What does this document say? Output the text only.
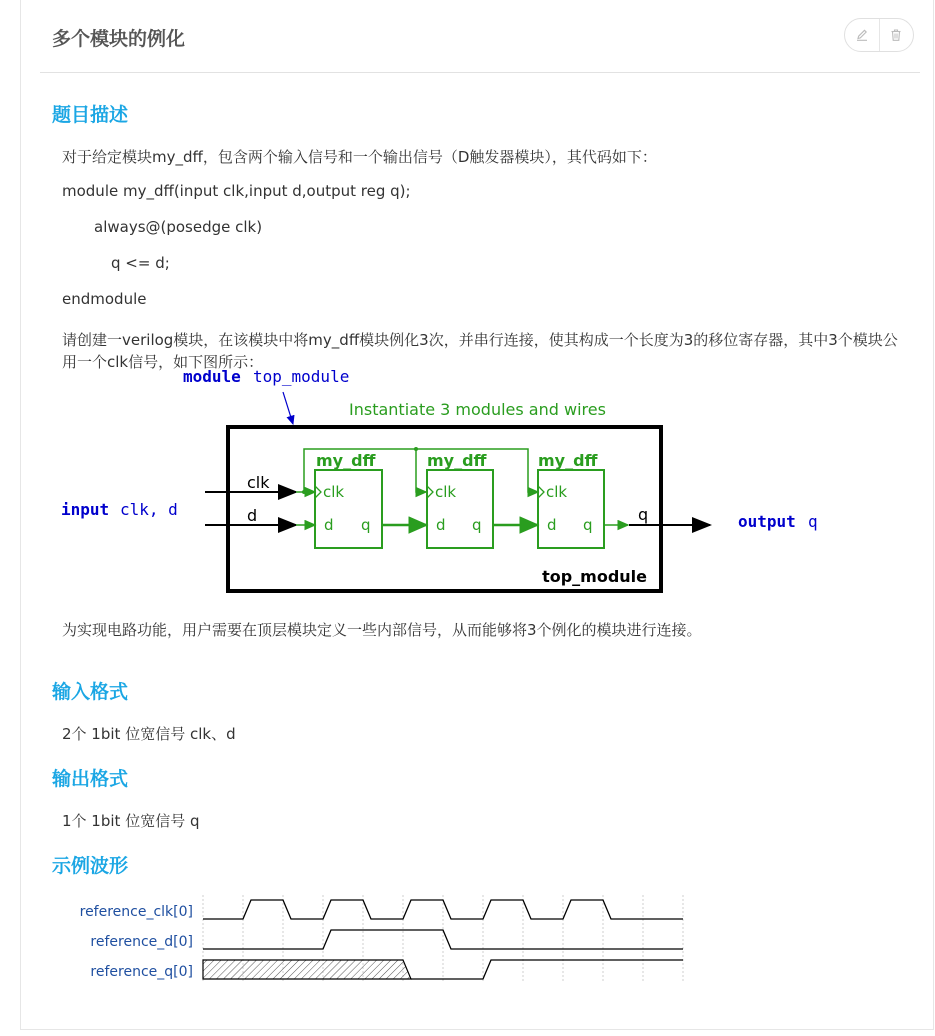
多个模块的例化
题目描述
对于给定模块my_dff，包含两个输入信号和一个输出信号（D触发器模块），其代码如下：
module my_dff(input clk,input d,output reg q);
always@(posedge clk)
q <= d;
endmodule
请创建一verilog模块，在该模块中将my_dff模块例化3次，并串行连接，使其构成一个长度为3的移位寄存器，其中3个模块公用一个clk信号，如下图所示：
module top_module
Instantiate 3 modules and wires
top_module
input clk, d
output q
clk
d
my_dff
clk
d q
my_dff
clk
d q
my_dff
clk
d q
q
为实现电路功能，用户需要在顶层模块定义一些内部信号，从而能够将3个例化的模块进行连接。
输入格式
2个 1bit 位宽信号 clk、d
输出格式
1个 1bit 位宽信号 q
示例波形
reference_clk[0]
reference_d[0]
reference_q[0]
